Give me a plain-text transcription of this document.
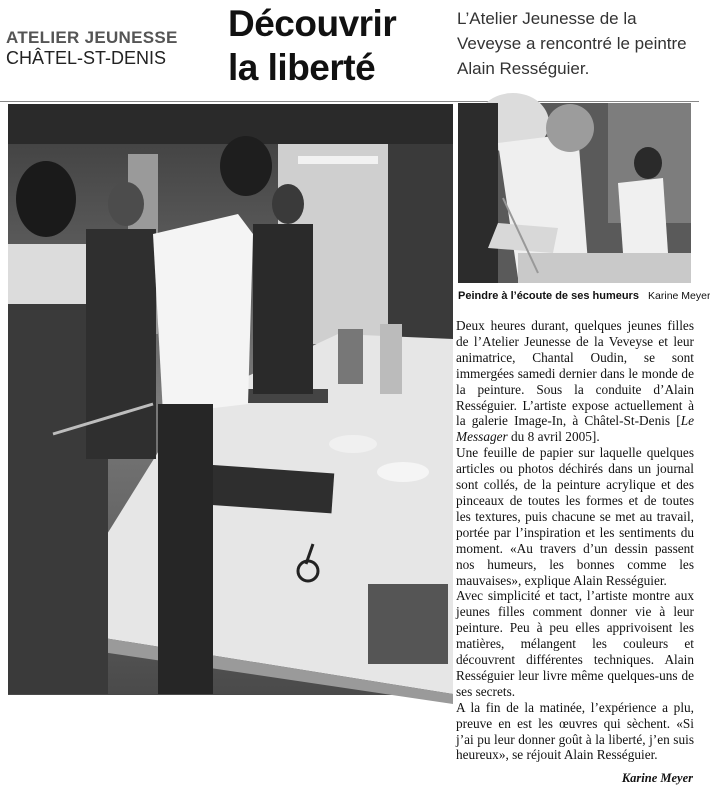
ATELIER JEUNESSE
CHÂTEL-ST-DENIS
Découvrir
la liberté
L’Atelier Jeunesse de la Veveyse a rencontré le peintre Alain Rességuier.
Peindre à l’écoute de ses humeurs Karine Meyer

Deux heures durant, quelques jeunes filles de l’Atelier Jeunesse de la Veveyse et leur animatrice, Chantal Oudin, se sont immergées samedi dernier dans le monde de la peinture. Sous la conduite d’Alain Rességuier. L’artiste expose actuellement à la galerie Image-In, à Châtel-St-Denis [Le Messager du 8 avril 2005].

Une feuille de papier sur laquelle quelques articles ou photos déchirés dans un journal sont collés, de la peinture acrylique et des pinceaux de toutes les formes et de toutes les textures, puis chacune se met au travail, portée par l’inspiration et les sentiments du moment. «Au travers d’un dessin passent nos humeurs, les bonnes comme les mauvaises», explique Alain Rességuier.

Avec simplicité et tact, l’artiste montre aux jeunes filles comment donner vie à leur peinture. Peu à peu elles apprivoisent les matières, mélangent les couleurs et découvrent différentes techniques. Alain Rességuier leur livre même quelques-uns de ses secrets.

A la fin de la matinée, l’expérience a plu, preuve en est les œuvres qui sèchent. «Si j’ai pu leur donner goût à la liberté, j’en suis heureux», se réjouit Alain Rességuier.

Karine Meyer
